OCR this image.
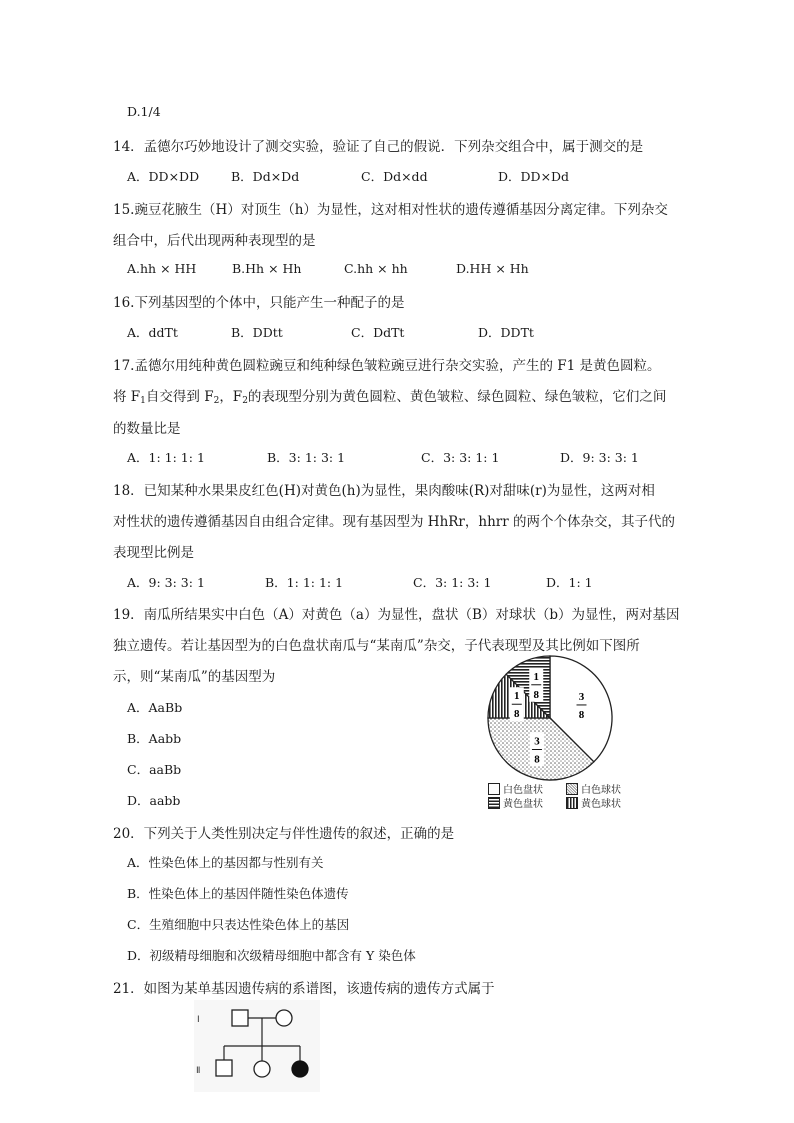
D.1/4
14．孟德尔巧妙地设计了测交实验，验证了自己的假说．下列杂交组合中，属于测交的是
A．DD×DD	B．Dd×Dd	C．Dd×dd	D．DD×Dd
15.豌豆花腋生（H）对顶生（h）为显性，这对相对性状的遗传遵循基因分离定律。下列杂交
组合中，后代出现两种表现型的是
A.hh × HH	B.Hh × Hh	C.hh × hh	D.HH × Hh
16.下列基因型的个体中，只能产生一种配子的是
A．ddTt	B．DDtt	C．DdTt	D．DDTt
17.孟德尔用纯种黄色圆粒豌豆和纯种绿色皱粒豌豆进行杂交实验，产生的 F1 是黄色圆粒。
将 $F_1$自交得到 $F_2$，$F_2$的表现型分别为黄色圆粒、黄色皱粒、绿色圆粒、绿色皱粒，它们之间
的数量比是
A．1: 1: 1: 1	B．3: 1: 3: 1	C．3: 3: 1: 1	D．9: 3: 3: 1
18．已知某种水果果皮红色(H)对黄色(h)为显性，果肉酸味(R)对甜味(r)为显性，这两对相
对性状的遗传遵循基因自由组合定律。现有基因型为 HhRr，hhrr 的两个个体杂交，其子代的
表现型比例是
A．9: 3: 3: 1	B．1: 1: 1: 1	C．3: 1: 3: 1	D．1: 1
19．南瓜所结果实中白色（A）对黄色（a）为显性，盘状（B）对球状（b）为显性，两对基因
独立遗传。若让基因型为的白色盘状南瓜与“某南瓜”杂交，子代表现型及其比例如下图所
示，则“某南瓜”的基因型为
A．AaBb
B．Aabb
C．aaBb
D．aabb
3
8
3
8
1
8
1
8
白色盘状	白色球状
黄色盘状	黄色球状
20．下列关于人类性别决定与伴性遗传的叙述，正确的是
A．性染色体上的基因都与性别有关
B．性染色体上的基因伴随性染色体遗传
C．生殖细胞中只表达性染色体上的基因
D．初级精母细胞和次级精母细胞中都含有 Y 染色体
21．如图为某单基因遗传病的系谱图，该遗传病的遗传方式属于
Ⅰ
Ⅱ
